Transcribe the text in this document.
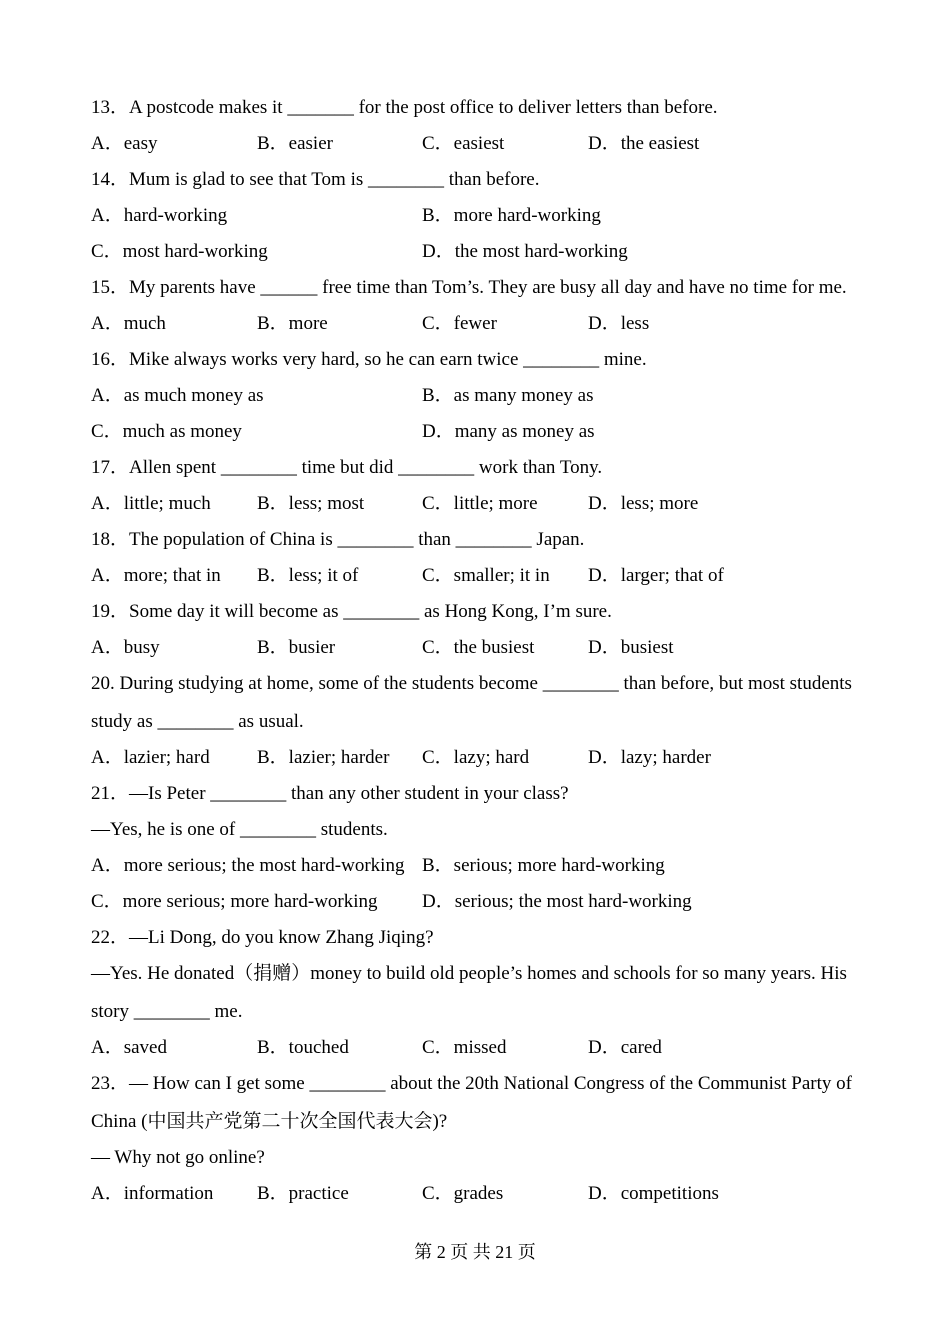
13．A postcode makes it _______ for the post office to deliver letters than before.
A．easy	B．easier	C．easiest	D．the easiest
14．Mum is glad to see that Tom is ________ than before.
A．hard-working	B．more hard-working
C．most hard-working	D．the most hard-working
15．My parents have ______ free time than Tom’s. They are busy all day and have no time for me.
A．much	B．more	C．fewer	D．less
16．Mike always works very hard, so he can earn twice ________ mine.
A．as much money as	B．as many money as
C．much as money	D．many as money as
17．Allen spent ________ time but did ________ work than Tony.
A．little; much B．less; most	C．little; more	D．less; more
18．The population of China is ________ than ________ Japan.
A．more; that in B．less; it of	C．smaller; it in D．larger; that of
19．Some day it will become as ________ as Hong Kong, I’m sure.
A．busy	B．busier	C．the busiest	D．busiest
20. During studying at home, some of the students become ________ than before, but most students
study as ________ as usual.
A．lazier; hard B．lazier; harder C．lazy; hard	D．lazy; harder
21．—Is Peter ________ than any other student in your class?
—Yes, he is one of ________ students.
A．more serious; the most hard-working B．serious; more hard-working
C．more serious; more hard-working D．serious; the most hard-working
22．—Li Dong, do you know Zhang Jiqing?
—Yes. He donated（捐赠）money to build old people’s homes and schools for so many years. His
story ________ me.
A．saved	B．touched	C．missed	D．cared
23．— How can I get some ________ about the 20th National Congress of the Communist Party of
China (中国共产党第二十次全国代表大会)?
— Why not go online?
A．information B．practice	C．grades	D．competitions
第 2 页 共 21 页
